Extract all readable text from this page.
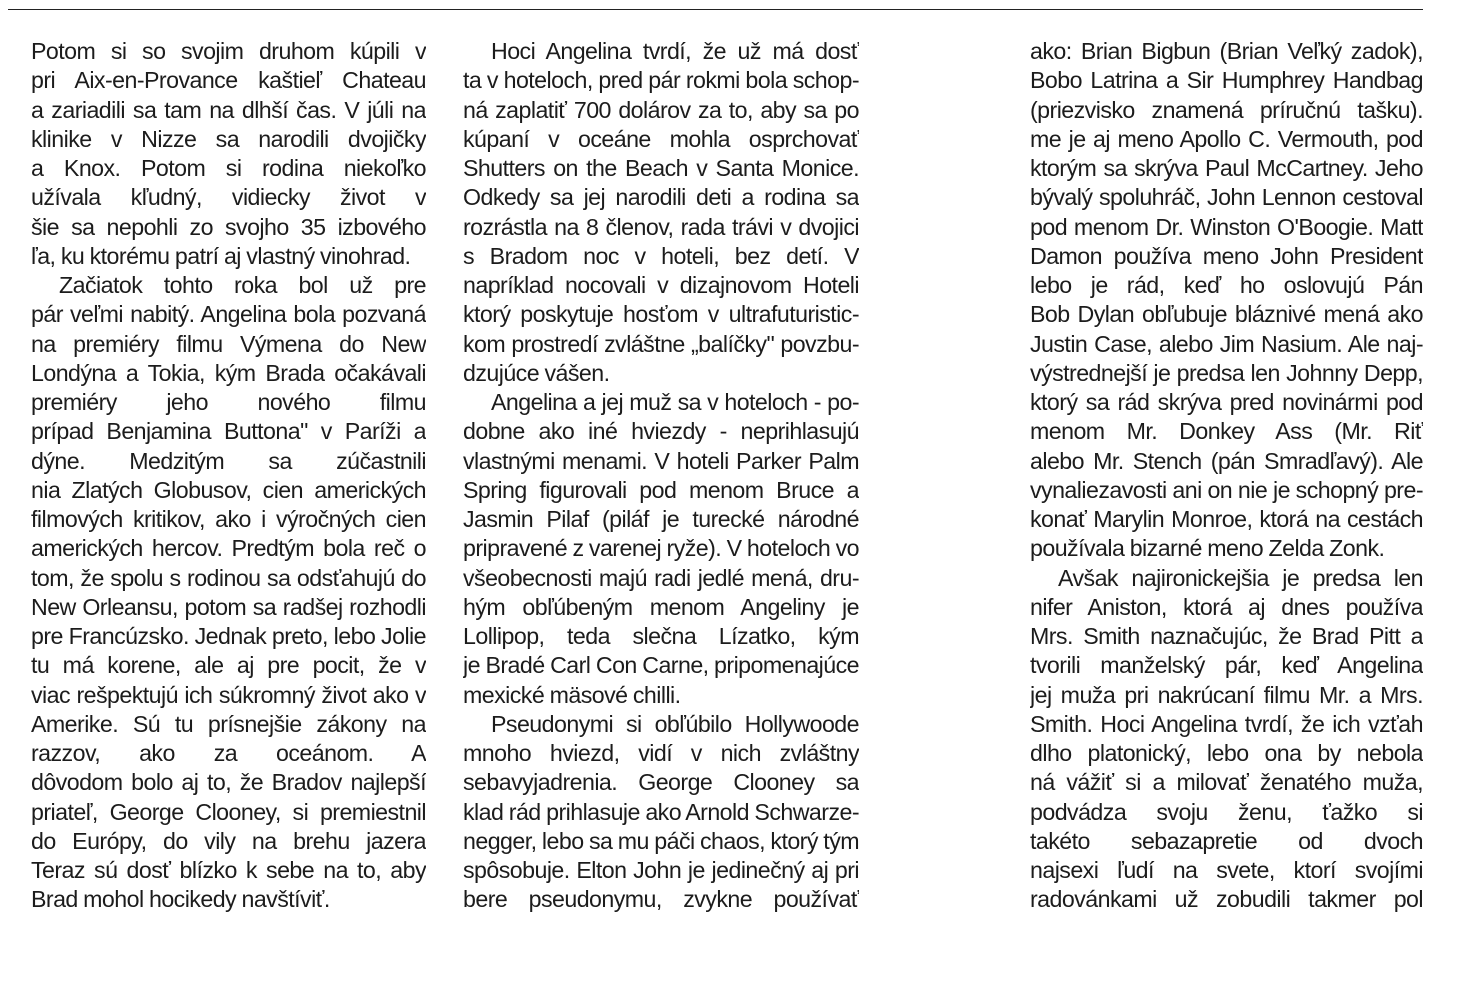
Potom si so svojim druhom kúpili v
pri Aix-en-Provance kaštieľ Chateau
a zariadili sa tam na dlhší čas. V júli na
klinike v Nizze sa narodili dvojičky
a Knox. Potom si rodina niekoľko
užívala kľudný, vidiecky život v
šie sa nepohli zo svojho 35 izbového
ľa, ku ktorému patrí aj vlastný vinohrad.
Začiatok tohto roka bol už pre
pár veľmi nabitý. Angelina bola pozvaná
na premiéry filmu Výmena do New
Londýna a Tokia, kým Brada očakávali
premiéry jeho nového filmu
prípad Benjamina Buttona" v Paríži a
dýne. Medzitým sa zúčastnili
nia Zlatých Globusov, cien amerických
filmových kritikov, ako i výročných cien
amerických hercov. Predtým bola reč o
tom, že spolu s rodinou sa odsťahujú do
New Orleansu, potom sa radšej rozhodli
pre Francúzsko. Jednak preto, lebo Jolie
tu má korene, ale aj pre pocit, že v
viac rešpektujú ich súkromný život ako v
Amerike. Sú tu prísnejšie zákony na
razzov, ako za oceánom. A
dôvodom bolo aj to, že Bradov najlepší
priateľ, George Clooney, si premiestnil
do Európy, do vily na brehu jazera
Teraz sú dosť blízko k sebe na to, aby
Brad mohol hocikedy navštíviť.
Hoci Angelina tvrdí, že už má dosť
ta v hoteloch, pred pár rokmi bola schop-
ná zaplatiť 700 dolárov za to, aby sa po
kúpaní v oceáne mohla osprchovať
Shutters on the Beach v Santa Monice.
Odkedy sa jej narodili deti a rodina sa
rozrástla na 8 členov, rada trávi v dvojici
s Bradom noc v hoteli, bez detí. V
napríklad nocovali v dizajnovom Hoteli
ktorý poskytuje hosťom v ultrafuturistic-
kom prostredí zvláštne „balíčky" povzbu-
dzujúce vášen.
Angelina a jej muž sa v hoteloch - po-
dobne ako iné hviezdy - neprihlasujú
vlastnými menami. V hoteli Parker Palm
Spring figurovali pod menom Bruce a
Jasmin Pilaf (piláf je turecké národné
pripravené z varenej ryže). V hoteloch vo
všeobecnosti majú radi jedlé mená, dru-
hým obľúbeným menom Angeliny je
Lollipop, teda slečna Lízatko, kým
je Bradé Carl Con Carne, pripomenajúce
mexické mäsové chilli.
Pseudonymi si obľúbilo Hollywoode
mnoho hviezd, vidí v nich zvláštny
sebavyjadrenia. George Clooney sa
klad rád prihlasuje ako Arnold Schwarze-
negger, lebo sa mu páči chaos, ktorý tým
spôsobuje. Elton John je jedinečný aj pri
bere pseudonymu, zvykne používať
ako: Brian Bigbun (Brian Veľký zadok),
Bobo Latrina a Sir Humphrey Handbag
(priezvisko znamená príručnú tašku).
me je aj meno Apollo C. Vermouth, pod
ktorým sa skrýva Paul McCartney. Jeho
bývalý spoluhráč, John Lennon cestoval
pod menom Dr. Winston O'Boogie. Matt
Damon používa meno John President
lebo je rád, keď ho oslovujú Pán
Bob Dylan obľubuje bláznivé mená ako
Justin Case, alebo Jim Nasium. Ale naj-
výstrednejší je predsa len Johnny Depp,
ktorý sa rád skrýva pred novinármi pod
menom Mr. Donkey Ass (Mr. Riť
alebo Mr. Stench (pán Smradľavý). Ale
vynaliezavosti ani on nie je schopný pre-
konať Marylin Monroe, ktorá na cestách
používala bizarné meno Zelda Zonk.
Avšak najironickejšia je predsa len
nifer Aniston, ktorá aj dnes používa
Mrs. Smith naznačujúc, že Brad Pitt a
tvorili manželský pár, keď Angelina
jej muža pri nakrúcaní filmu Mr. a Mrs.
Smith. Hoci Angelina tvrdí, že ich vzťah
dlho platonický, lebo ona by nebola
ná vážiť si a milovať ženatého muža,
podvádza svoju ženu, ťažko si
takéto sebazapretie od dvoch
najsexi ľudí na svete, ktorí svojími
radovánkami už zobudili takmer pol
